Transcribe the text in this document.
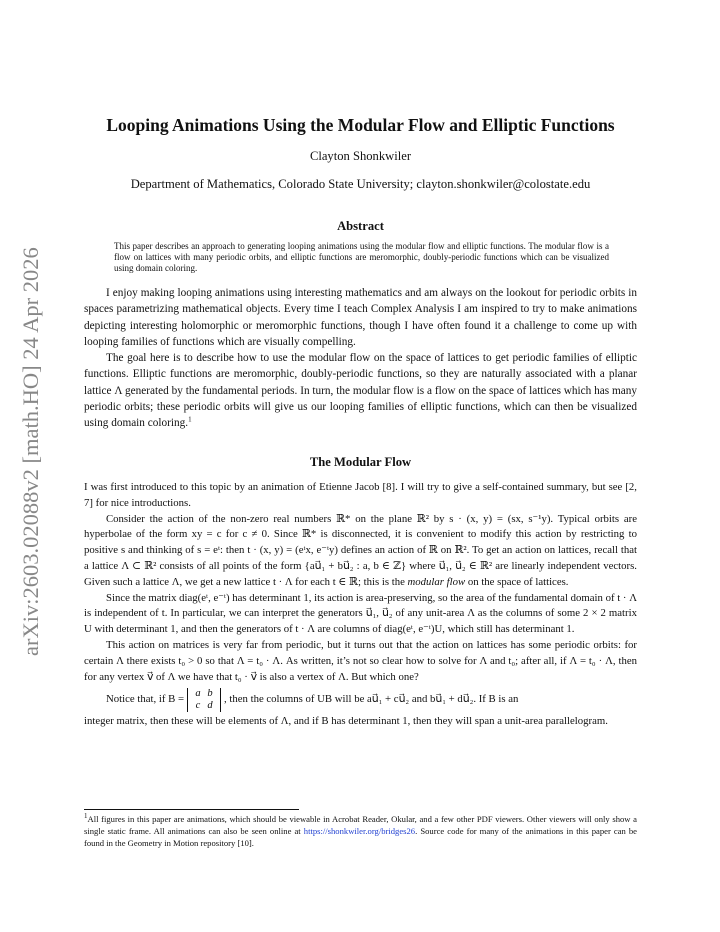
arXiv:2603.02088v2 [math.HO] 24 Apr 2026
Looping Animations Using the Modular Flow and Elliptic Functions
Clayton Shonkwiler
Department of Mathematics, Colorado State University; clayton.shonkwiler@colostate.edu
Abstract

This paper describes an approach to generating looping animations using the modular flow and elliptic functions. The modular flow is a flow on lattices with many periodic orbits, and elliptic functions are meromorphic, doubly-periodic functions which can be visualized using domain coloring.

I enjoy making looping animations using interesting mathematics and am always on the lookout for periodic orbits in spaces parametrizing mathematical objects. Every time I teach Complex Analysis I am inspired to try to make animations depicting interesting holomorphic or meromorphic functions, though I have often found it a challenge to come up with looping families of functions which are visually compelling.

The goal here is to describe how to use the modular flow on the space of lattices to get periodic families of elliptic functions. Elliptic functions are meromorphic, doubly-periodic functions, so they are naturally associated with a planar lattice Λ generated by the fundamental periods. In turn, the modular flow is a flow on the space of lattices which has many periodic orbits; these periodic orbits will give us our looping families of elliptic functions, which can then be visualized using domain coloring.$^1$

The Modular Flow

I was first introduced to this topic by an animation of Etienne Jacob [8]. I will try to give a self-contained summary, but see [2, 7] for nice introductions.

Consider the action of the non-zero real numbers ℝ* on the plane ℝ² by s · (x, y) = (sx, s⁻¹y). Typical orbits are hyperbolae of the form xy = c for c ≠ 0. Since ℝ* is disconnected, it is convenient to modify this action by restricting to positive s and thinking of s = eᵗ: then t · (x, y) = (eᵗx, e⁻ᵗy) defines an action of ℝ on ℝ². To get an action on lattices, recall that a lattice Λ ⊂ ℝ² consists of all points of the form {au⃗₁ + bu⃗₂ : a, b ∈ ℤ} where u⃗₁, u⃗₂ ∈ ℝ² are linearly independent vectors. Given such a lattice Λ, we get a new lattice t · Λ for each t ∈ ℝ; this is the modular flow on the space of lattices.

Since the matrix diag(eᵗ, e⁻ᵗ) has determinant 1, its action is area-preserving, so the area of the fundamental domain of t · Λ is independent of t. In particular, we can interpret the generators u⃗₁, u⃗₂ of any unit-area Λ as the columns of some 2 × 2 matrix U with determinant 1, and then the generators of t · Λ are columns of diag(eᵗ, e⁻ᵗ)U, which still has determinant 1.

This action on matrices is very far from periodic, but it turns out that the action on lattices has some periodic orbits: for certain Λ there exists t₀ > 0 so that Λ = t₀ · Λ. As written, it’s not so clear how to solve for Λ and t₀; after all, if Λ = t₀ · Λ, then for any vertex v⃗ of Λ we have that t₀ · v⃗ is also a vertex of Λ. But which one?

Notice that, if B =	a b
c d
, then the columns of UB will be au⃗₁ + cu⃗₂ and bu⃗₁ + du⃗₂. If B is an

integer matrix, then these will be elements of Λ, and if B has determinant 1, then they will span a unit-area parallelogram.

$^1$All figures in this paper are animations, which should be viewable in Acrobat Reader, Okular, and a few other PDF viewers. Other viewers will only show a single static frame. All animations can also be seen online at https://shonkwiler.org/bridges26. Source code for many of the animations in this paper can be found in the Geometry in Motion repository [10].
